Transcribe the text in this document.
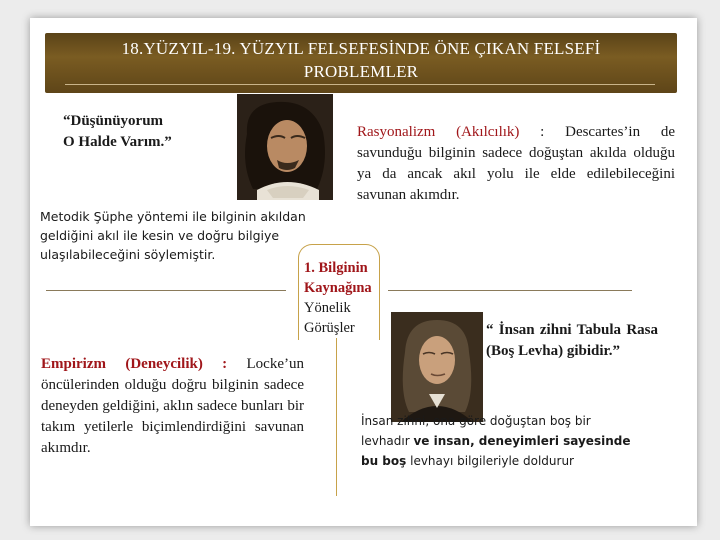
18.YÜZYIL-19. YÜZYIL FELSEFESİNDE ÖNE ÇIKAN FELSEFİ
PROBLEMLER
“Düşünüyorum
O Halde Varım.”
Rasyonalizm (Akılcılık) : Descartes’in de savunduğu bilginin sadece doğuştan akılda olduğu ya da ancak akıl yolu ile elde edilebileceğini savunan akımdır.
Metodik Şüphe yöntemi ile bilginin akıldan
geldiğini akıl ile kesin ve doğru bilgiye
ulaşılabileceğini söylemiştir.
1. Bilginin
Kaynağına
Yönelik
Görüşler
Empirizm (Deneycilik) : Locke’un öncülerinden olduğu doğru bilginin sadece deneyden geldiğini, aklın sadece bunları bir takım yetilerle biçimlendirdiğini savunan akımdır.
“ İnsan zihni Tabula Rasa (Boş Levha) gibidir.”
İnsan zihni, ona göre doğuştan boş bir
levhadır ve insan, deneyimleri sayesinde
bu boş levhayı bilgileriyle doldurur
